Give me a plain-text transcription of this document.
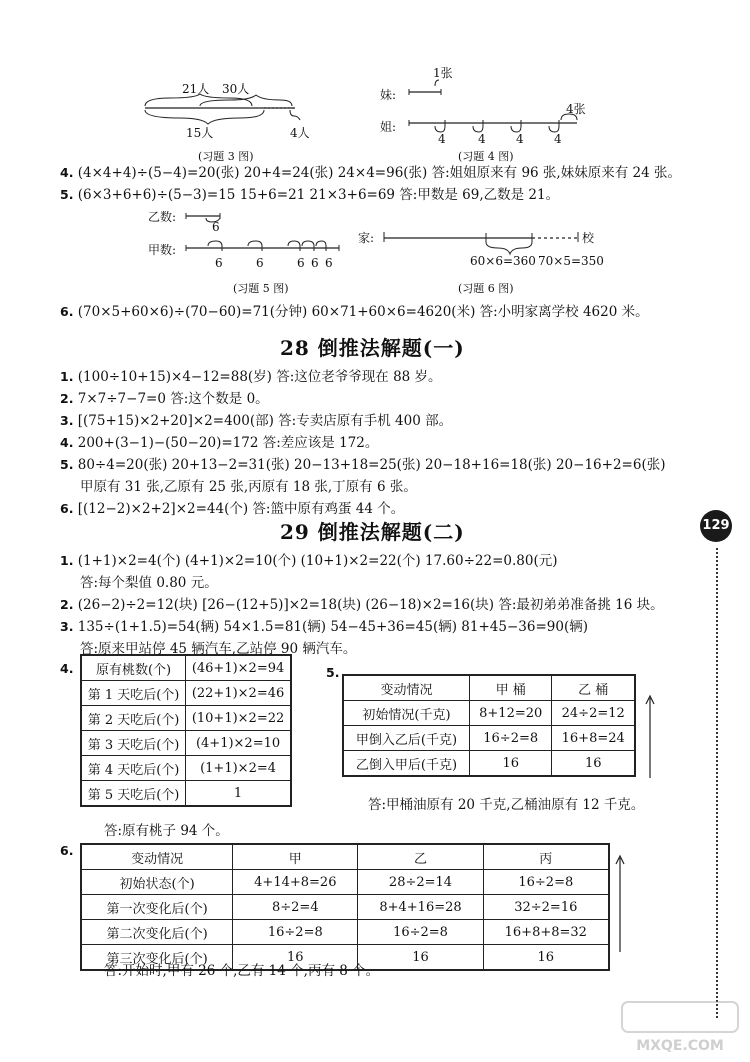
21人 30人
15人	4人
(习题 3 图)
1张
妹:
姐:
4张
4	4	4	4
(习题 4 图)
4. (4×4+4)÷(5−4)=20(张) 20+4=24(张) 24×4=96(张) 答:姐姐原来有 96 张,妹妹原来有 24 张。
5. (6×3+6+6)÷(5−3)=15 15+6=21 21×3+6=69 答:甲数是 69,乙数是 21。
乙数:
甲数:
6
6	6	6 6 6
(习题 5 图)
家:	校
60×6=360 70×5=350
(习题 6 图)
6. (70×5+60×6)÷(70−60)=71(分钟) 60×71+60×6=4620(米) 答:小明家离学校 4620 米。
28 倒推法解题(一)
1. (100÷10+15)×4−12=88(岁) 答:这位老爷爷现在 88 岁。
2. 7×7÷7−7=0 答:这个数是 0。
3. [(75+15)×2+20]×2=400(部) 答:专卖店原有手机 400 部。
4. 200+(3−1)−(50−20)=172 答:差应该是 172。
5. 80÷4=20(张) 20+13−2=31(张) 20−13+18=25(张) 20−18+16=18(张) 20−16+2=6(张)
甲原有 31 张,乙原有 25 张,丙原有 18 张,丁原有 6 张。
6. [(12−2)×2+2]×2=44(个) 答:篮中原有鸡蛋 44 个。
29 倒推法解题(二)
1. (1+1)×2=4(个) (4+1)×2=10(个) (10+1)×2=22(个) 17.60÷22=0.80(元)
答:每个梨值 0.80 元。
2. (26−2)÷2=12(块) [26−(12+5)]×2=18(块) (26−18)×2=16(块) 答:最初弟弟准备挑 16 块。
3. 135÷(1+1.5)=54(辆) 54×1.5=81(辆) 54−45+36=45(辆) 81+45−36=90(辆)
答:原来甲站停 45 辆汽车,乙站停 90 辆汽车。
4. 原有桃数(个)	(46+1)×2=94
第 1 天吃后(个)	(22+1)×2=46
第 2 天吃后(个)	(10+1)×2=22
第 3 天吃后(个)	(4+1)×2=10
第 4 天吃后(个)	(1+1)×2=4
第 5 天吃后(个)	1
答:原有桃子 94 个。
5.
变动情况	甲 桶	乙 桶
初始情况(千克)	8+12=20	24÷2=12
甲倒入乙后(千克)	16÷2=8	16+8=24
乙倒入甲后(千克)	16	16
答:甲桶油原有 20 千克,乙桶油原有 12 千克。
6.
变动情况	甲	乙	丙
初始状态(个)	4+14+8=26	28÷2=14	16÷2=8
第一次变化后(个)	8÷2=4	8+4+16=28	32÷2=16
第二次变化后(个)	16÷2=8	16÷2=8	16+8+8=32
第三次变化后(个)	16	16	16
答:开始时,甲有 26 个,乙有 14 个,丙有 8 个。
129
MXQE.COM
